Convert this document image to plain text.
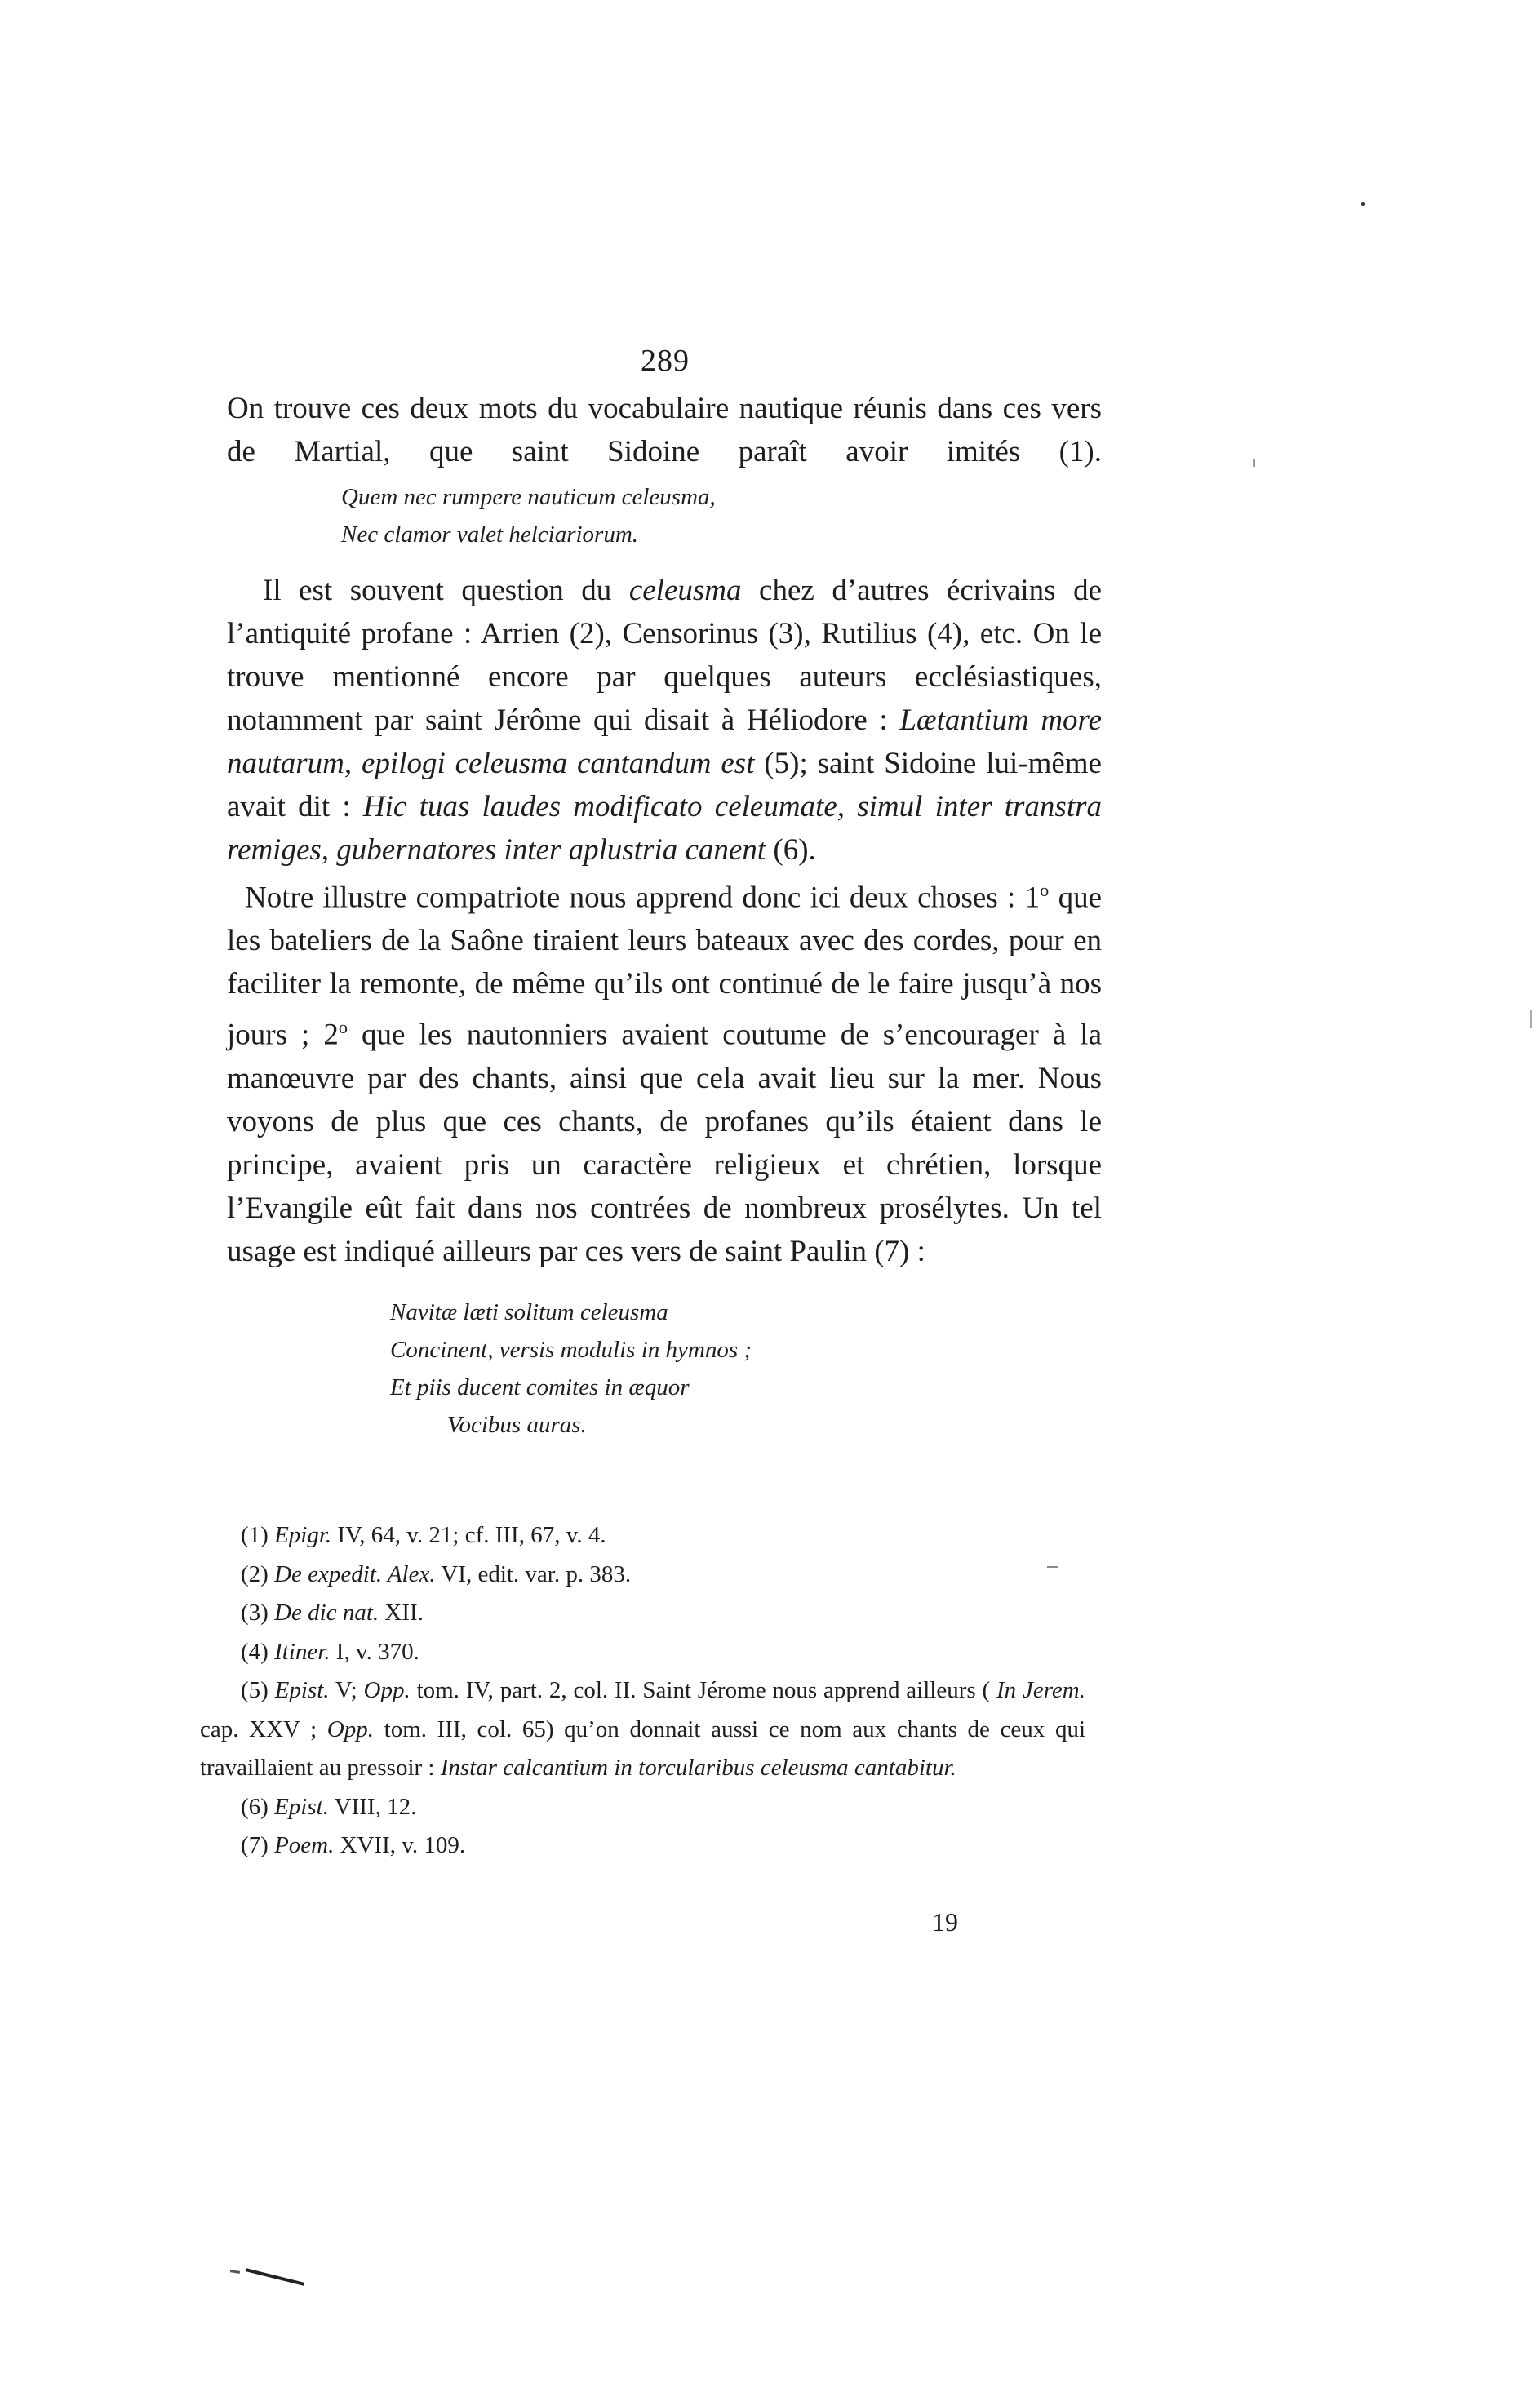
289

On trouve ces deux mots du vocabulaire nautique réunis dans ces vers de Martial, que saint Sidoine paraît avoir imités (1).

Quem nec rumpere nauticum celeusma,
Nec clamor valet helciariorum.

Il est souvent question du celeusma chez d’autres écrivains de l’antiquité profane : Arrien (2), Censorinus (3), Rutilius (4), etc. On le trouve mentionné encore par quelques auteurs ecclésiastiques, notamment par saint Jérôme qui disait à Héliodore : Lætantium more nautarum, epilogi celeusma cantandum est (5); saint Sidoine lui-même avait dit : Hic tuas laudes modificato celeumate, simul inter transtra remiges, gubernatores inter aplustria canent (6).

Notre illustre compatriote nous apprend donc ici deux choses : 1$^o$ que les bateliers de la Saône tiraient leurs bateaux avec des cordes, pour en faciliter la remonte, de même qu’ils ont continué de le faire jusqu’à nos jours ; 2$^o$ que les nautonniers avaient coutume de s’encourager à la manœuvre par des chants, ainsi que cela avait lieu sur la mer. Nous voyons de plus que ces chants, de profanes qu’ils étaient dans le principe, avaient pris un caractère religieux et chrétien, lorsque l’Evangile eût fait dans nos contrées de nombreux prosélytes. Un tel usage est indiqué ailleurs par ces vers de saint Paulin (7) :

Navitæ læti solitum celeusma
Concinent, versis modulis in hymnos ;
Et piis ducent comites in æquor
Vocibus auras.

(1) Epigr. IV, 64, v. 21; cf. III, 67, v. 4.

(2) De expedit. Alex. VI, edit. var. p. 383.

(3) De dic nat. XII.

(4) Itiner. I, v. 370.

(5) Epist. V; Opp. tom. IV, part. 2, col. II. Saint Jérome nous apprend ailleurs ( In Jerem. cap. XXV ; Opp. tom. III, col. 65) qu’on donnait aussi ce nom aux chants de ceux qui travaillaient au pressoir : Instar calcantium in torcularibus celeusma cantabitur.

(6) Epist. VIII, 12.

(7) Poem. XVII, v. 109.

19
